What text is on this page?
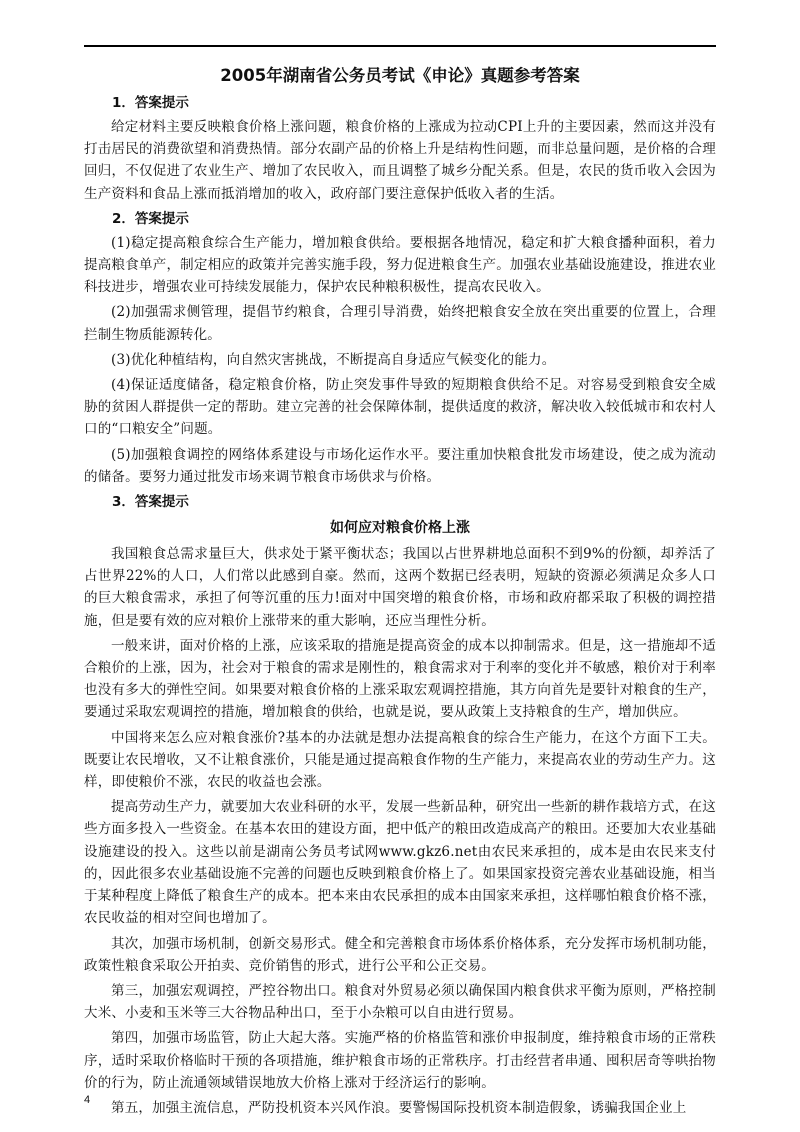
2005年湖南省公务员考试《申论》真题参考答案
1．答案提示

给定材料主要反映粮食价格上涨问题，粮食价格的上涨成为拉动CPI上升的主要因素，然而这并没有打击居民的消费欲望和消费热情。部分农副产品的价格上升是结构性问题，而非总量问题，是价格的合理回归，不仅促进了农业生产、增加了农民收入，而且调整了城乡分配关系。但是，农民的货币收入会因为生产资料和食品上涨而抵消增加的收入，政府部门要注意保护低收入者的生活。

2．答案提示

(1)稳定提高粮食综合生产能力，增加粮食供给。要根据各地情况，稳定和扩大粮食播种面积，着力提高粮食单产，制定相应的政策并完善实施手段，努力促进粮食生产。加强农业基础设施建设，推进农业科技进步，增强农业可持续发展能力，保护农民种粮积极性，提高农民收入。

(2)加强需求侧管理，提倡节约粮食，合理引导消费，始终把粮食安全放在突出重要的位置上，合理拦制生物质能源转化。

(3)优化种植结构，向自然灾害挑战，不断提高自身适应气候变化的能力。

(4)保证适度储备，稳定粮食价格，防止突发事件导致的短期粮食供给不足。对容易受到粮食安全威胁的贫困人群提供一定的帮助。建立完善的社会保障体制，提供适度的救济，解决收入较低城市和农村人口的“口粮安全”问题。

(5)加强粮食调控的网络体系建设与市场化运作水平。要注重加快粮食批发市场建设，使之成为流动的储备。要努力通过批发市场来调节粮食市场供求与价格。

3．答案提示
如何应对粮食价格上涨

我国粮食总需求量巨大，供求处于紧平衡状态；我国以占世界耕地总面积不到9%的份额，却养活了占世界22%的人口，人们常以此感到自豪。然而，这两个数据已经表明，短缺的资源必须满足众多人口的巨大粮食需求，承担了何等沉重的压力!面对中国突增的粮食价格，市场和政府都采取了积极的调控措施，但是要有效的应对粮价上涨带来的重大影响，还应当理性分析。

一般来讲，面对价格的上涨，应该采取的措施是提高资金的成本以抑制需求。但是，这一措施却不适合粮价的上涨，因为，社会对于粮食的需求是刚性的，粮食需求对于利率的变化并不敏感，粮价对于利率也没有多大的弹性空间。如果要对粮食价格的上涨采取宏观调控措施，其方向首先是要针对粮食的生产，要通过采取宏观调控的措施，增加粮食的供给，也就是说，要从政策上支持粮食的生产，增加供应。

中国将来怎么应对粮食涨价?基本的办法就是想办法提高粮食的综合生产能力，在这个方面下工夫。既要让农民增收，又不让粮食涨价，只能是通过提高粮食作物的生产能力，来提高农业的劳动生产力。这样，即使粮价不涨，农民的收益也会涨。

提高劳动生产力，就要加大农业科研的水平，发展一些新品种，研究出一些新的耕作栽培方式，在这些方面多投入一些资金。在基本农田的建设方面，把中低产的粮田改造成高产的粮田。还要加大农业基础设施建设的投入。这些以前是湖南公务员考试网www.gkz6.net由农民来承担的，成本是由农民来支付的，因此很多农业基础设施不完善的问题也反映到粮食价格上了。如果国家投资完善农业基础设施，相当于某种程度上降低了粮食生产的成本。把本来由农民承担的成本由国家来承担，这样哪怕粮食价格不涨，农民收益的相对空间也增加了。

其次，加强市场机制，创新交易形式。健全和完善粮食市场体系价格体系，充分发挥市场机制功能，政策性粮食采取公开拍卖、竞价销售的形式，进行公平和公正交易。

第三，加强宏观调控，严控谷物出口。粮食对外贸易必须以确保国内粮食供求平衡为原则，严格控制大米、小麦和玉米等三大谷物品种出口，至于小杂粮可以自由进行贸易。

第四，加强市场监管，防止大起大落。实施严格的价格监管和涨价申报制度，维持粮食市场的正常秩序，适时采取价格临时干预的各项措施，维护粮食市场的正常秩序。打击经营者串通、囤积居奇等哄抬物价的行为，防止流通领域错误地放大价格上涨对于经济运行的影响。

第五，加强主流信息，严防投机资本兴风作浪。要警惕国际投机资本制造假象，诱骗我国企业上

4
